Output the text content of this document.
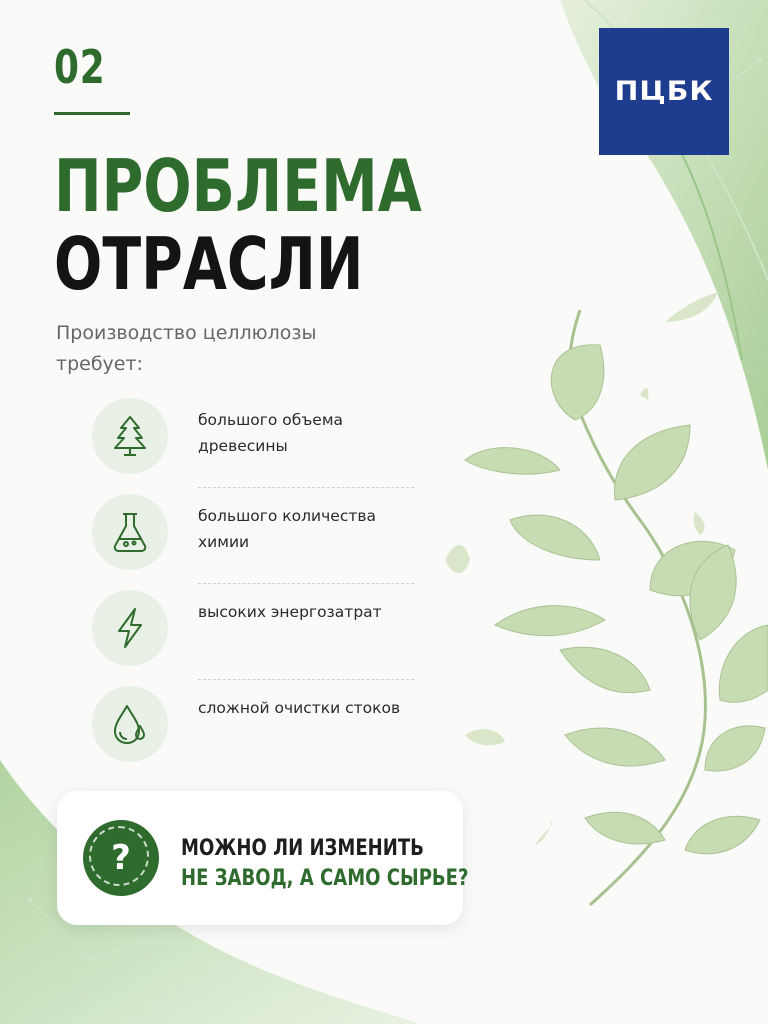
02	ПЦБК
ПРОБЛЕМА
ОТРАСЛИ
Производство целлюлозы требует:
большого объема древесины
большого количества химии
высоких энергозатрат
сложной очистки стоков
? МОЖНО ЛИ ИЗМЕНИТЬ
НЕ ЗАВОД, А САМО СЫРЬЕ?
